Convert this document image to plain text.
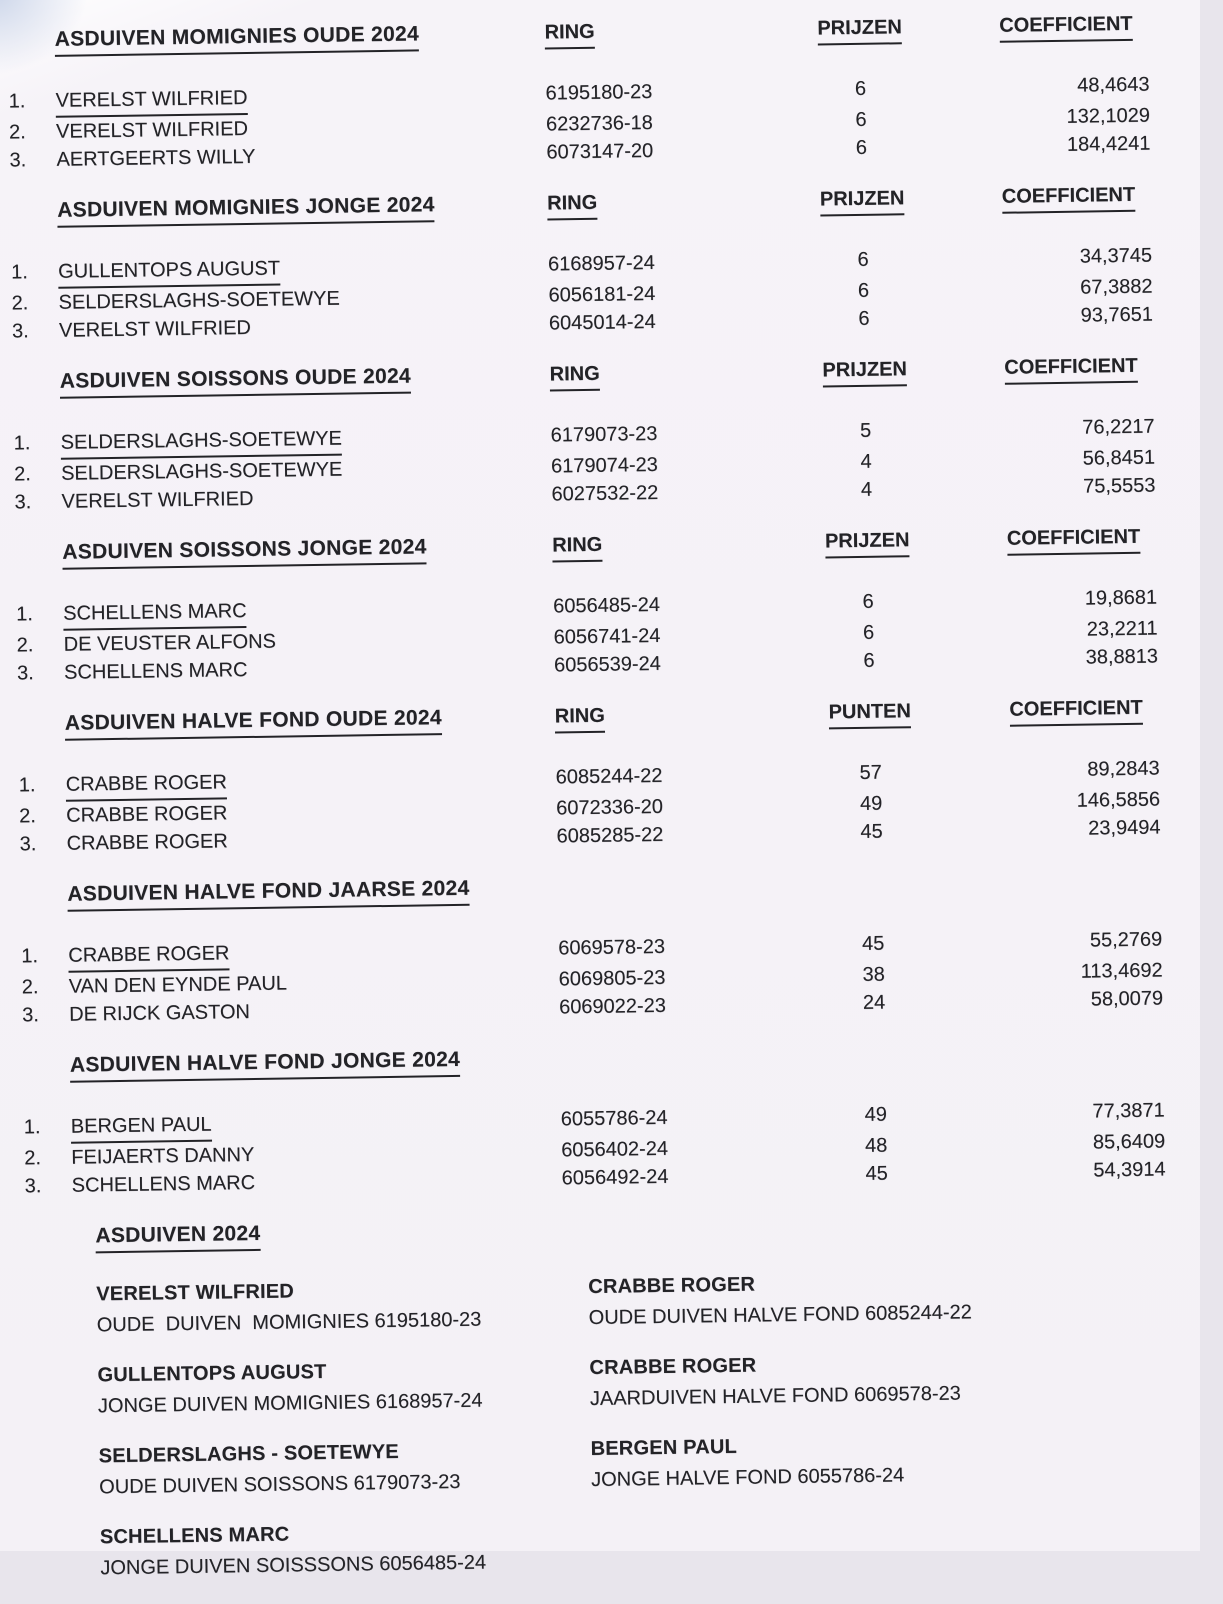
ASDUIVEN MOMIGNIES OUDE 2024	RING	PRIJZEN	COEFFICIENT
1.	VERELST WILFRIED	6195180-23	6	48,4643
2.	VERELST WILFRIED	6232736-18	6	132,1029
3.	AERTGEERTS WILLY	6073147-20	6	184,4241
ASDUIVEN MOMIGNIES JONGE 2024	RING	PRIJZEN	COEFFICIENT
1.	GULLENTOPS AUGUST	6168957-24	6	34,3745
2.	SELDERSLAGHS-SOETEWYE	6056181-24	6	67,3882
3.	VERELST WILFRIED	6045014-24	6	93,7651
ASDUIVEN SOISSONS OUDE 2024	RING	PRIJZEN	COEFFICIENT
1.	SELDERSLAGHS-SOETEWYE	6179073-23	5	76,2217
2.	SELDERSLAGHS-SOETEWYE	6179074-23	4	56,8451
3.	VERELST WILFRIED	6027532-22	4	75,5553
ASDUIVEN SOISSONS JONGE 2024	RING	PRIJZEN	COEFFICIENT
1.	SCHELLENS MARC	6056485-24	6	19,8681
2.	DE VEUSTER ALFONS	6056741-24	6	23,2211
3.	SCHELLENS MARC	6056539-24	6	38,8813
ASDUIVEN HALVE FOND OUDE 2024	RING	PUNTEN	COEFFICIENT
1.	CRABBE ROGER	6085244-22	57	89,2843
2.	CRABBE ROGER	6072336-20	49	146,5856
3.	CRABBE ROGER	6085285-22	45	23,9494
ASDUIVEN HALVE FOND JAARSE 2024
1.	CRABBE ROGER	6069578-23	45	55,2769
2.	VAN DEN EYNDE PAUL	6069805-23	38	113,4692
3.	DE RIJCK GASTON	6069022-23	24	58,0079
ASDUIVEN HALVE FOND JONGE 2024
1.	BERGEN PAUL	6055786-24	49	77,3871
2.	FEIJAERTS DANNY	6056402-24	48	85,6409
3.	SCHELLENS MARC	6056492-24	45	54,3914
ASDUIVEN 2024
VERELST WILFRIED
OUDE  DUIVEN  MOMIGNIES 6195180-23
GULLENTOPS AUGUST
JONGE DUIVEN MOMIGNIES 6168957-24
SELDERSLAGHS - SOETEWYE
OUDE DUIVEN SOISSONS 6179073-23
SCHELLENS MARC
JONGE DUIVEN SOISSSONS 6056485-24
CRABBE ROGER
OUDE DUIVEN HALVE FOND 6085244-22
CRABBE ROGER
JAARDUIVEN HALVE FOND 6069578-23
BERGEN PAUL
JONGE HALVE FOND 6055786-24
